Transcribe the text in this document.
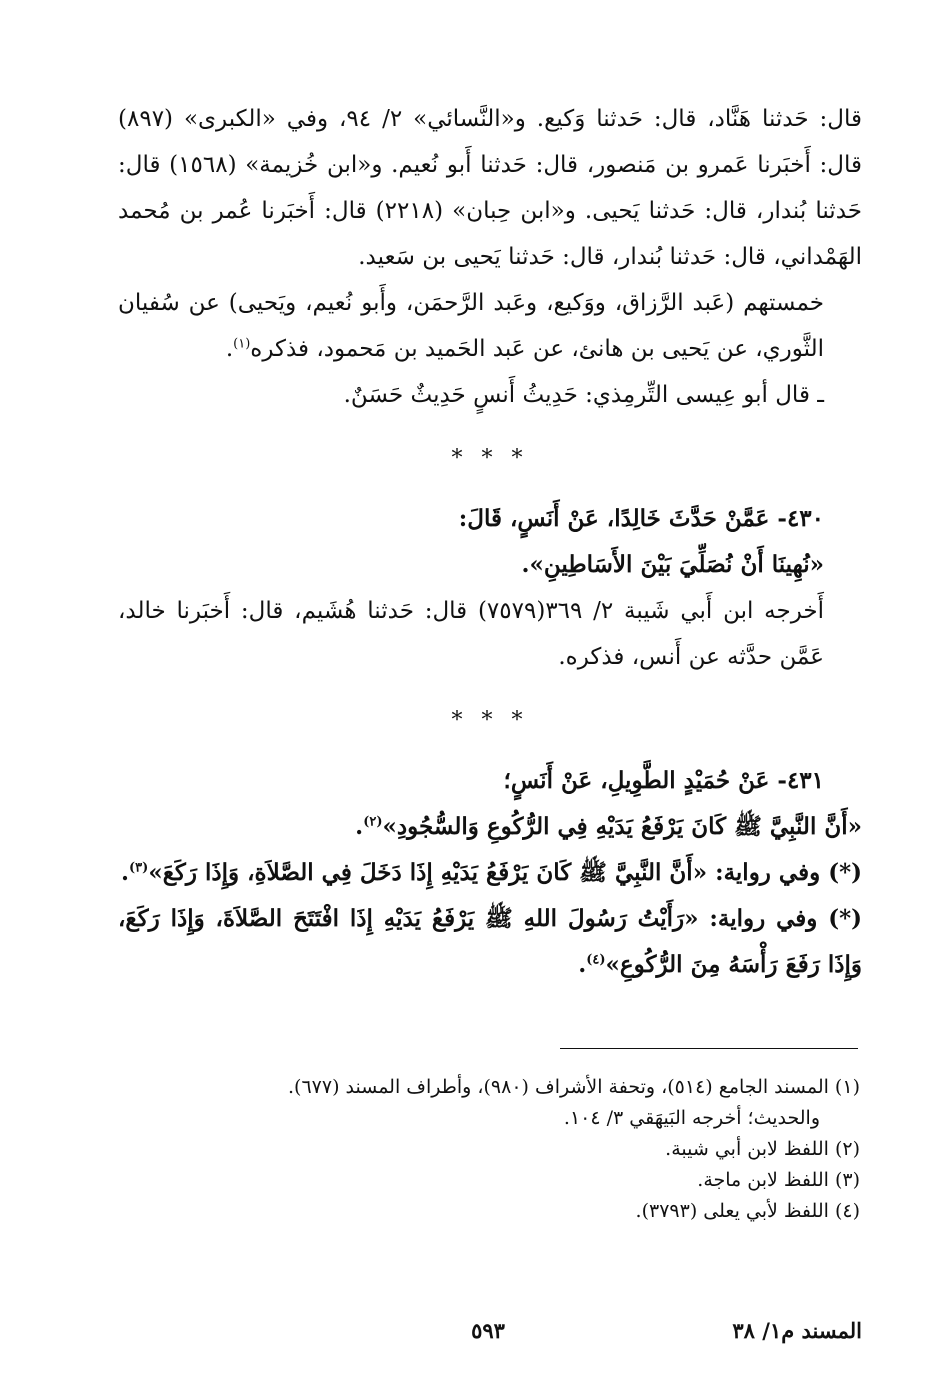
قال: حَدثنا هَنَّاد، قال: حَدثنا وَكيع. و«النَّسائي» ٢/ ٩٤، وفي «الكبرى» (٨٩٧) قال: أَخبَرنا عَمرو بن مَنصور، قال: حَدثنا أَبو نُعيم. و«ابن خُزيمة» (١٥٦٨) قال: حَدثنا بُندار، قال: حَدثنا يَحيى. و«ابن حِبان» (٢٢١٨) قال: أَخبَرنا عُمر بن مُحمد الهَمْداني، قال: حَدثنا بُندار، قال: حَدثنا يَحيى بن سَعيد.

خمستهم (عَبد الرَّزاق، ووَكيع، وعَبد الرَّحمَن، وأَبو نُعيم، ويَحيى) عن سُفيان الثَّوري، عن يَحيى بن هانئ، عن عَبد الحَميد بن مَحمود، فذكره$^{(١)}$.

ـ قال أبو عِيسى التِّرمِذي: حَدِيثُ أَنسٍ حَدِيثٌ حَسَنٌ.

* * *

٤٣٠- عَمَّنْ حَدَّثَ خَالِدًا، عَنْ أَنَسٍ، قَالَ:

«نُهِينَا أَنْ نُصَلِّيَ بَيْنَ الأَسَاطِينِ».

أَخرجه ابن أَبي شَيبة ٢/ ٣٦٩(٧٥٧٩) قال: حَدثنا هُشَيم، قال: أَخبَرنا خالد، عَمَّن حدَّثه عن أَنس، فذكره.

* * *

٤٣١- عَنْ حُمَيْدٍ الطَّوِيلِ، عَنْ أَنَسٍ؛

«أَنَّ النَّبِيَّ ﷺ كَانَ يَرْفَعُ يَدَيْهِ فِي الرُّكُوعِ وَالسُّجُودِ»$^{(٢)}$.

(*) وفي رواية: «أَنَّ النَّبِيَّ ﷺ كَانَ يَرْفَعُ يَدَيْهِ إِذَا دَخَلَ فِي الصَّلاَةِ، وَإِذَا رَكَعَ»$^{(٣)}$.

(*) وفي رواية: «رَأَيْتُ رَسُولَ اللهِ ﷺ يَرْفَعُ يَدَيْهِ إِذَا افْتَتَحَ الصَّلاَةَ، وَإِذَا رَكَعَ، وَإِذَا رَفَعَ رَأْسَهُ مِنَ الرُّكُوعِ»$^{(٤)}$.

(١) المسند الجامع (٥١٤)، وتحفة الأشراف (٩٨٠)، وأطراف المسند (٦٧٧).

والحديث؛ أخرجه البَيهَقي ٣/ ١٠٤.

(٢) اللفظ لابن أبي شيبة.

(٣) اللفظ لابن ماجة.

(٤) اللفظ لأبي يعلى (٣٧٩٣).

المسند م١/ ٣٨
٥٩٣
